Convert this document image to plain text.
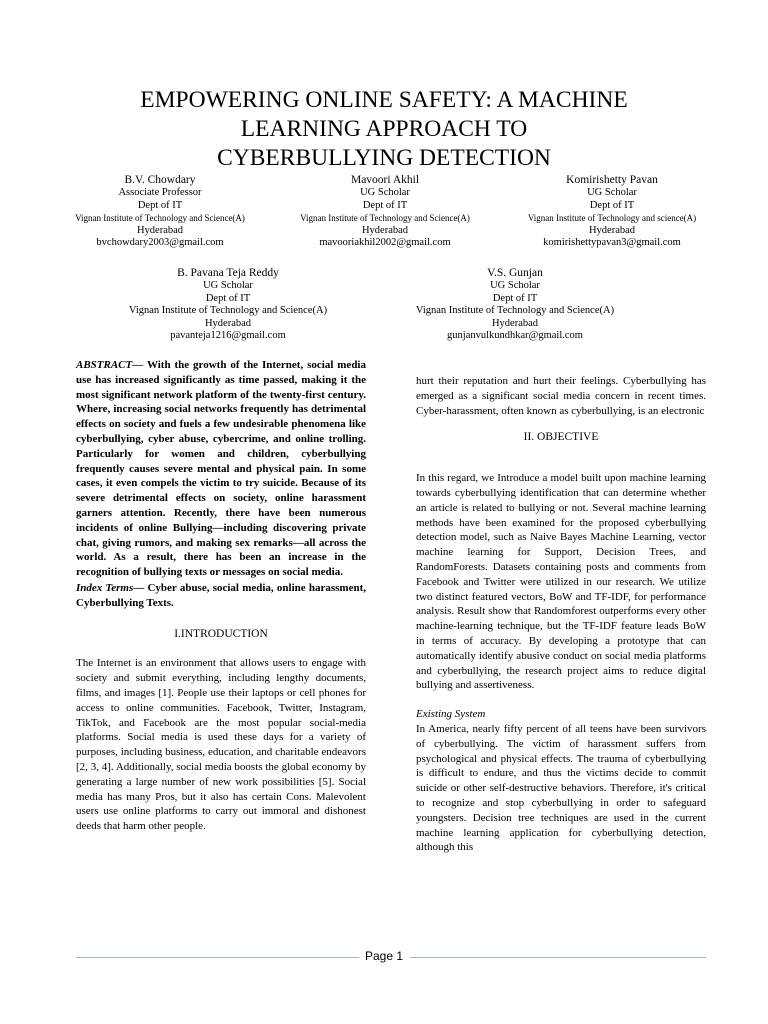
EMPOWERING ONLINE SAFETY: A MACHINE
LEARNING APPROACH TO
CYBERBULLYING DETECTION
B.V. Chowdary
Associate Professor
Dept of IT
Vignan Institute of Technology and Science(A)
Hyderabad
bvchowdary2003@gmail.com
Mavoori Akhil
UG Scholar
Dept of IT
Vignan Institute of Technology and Science(A)
Hyderabad
mavooriakhil2002@gmail.com
Komirishetty Pavan
UG Scholar
Dept of IT
Vignan Institute of Technology and science(A)
Hyderabad
komirishettypavan3@gmail.com
B. Pavana Teja Reddy
UG Scholar
Dept of IT
Vignan Institute of Technology and Science(A)
Hyderabad
pavanteja1216@gmail.com
V.S. Gunjan
UG Scholar
Dept of IT
Vignan Institute of Technology and Science(A)
Hyderabad
gunjanvulkundhkar@gmail.com

ABSTRACT— With the growth of the Internet, social media use has increased significantly as time passed, making it the most significant network platform of the twenty-first century. Where, increasing social networks frequently has detrimental effects on society and fuels a few undesirable phenomena like cyberbullying, cyber abuse, cybercrime, and online trolling. Particularly for women and children, cyberbullying frequently causes severe mental and physical pain. In some cases, it even compels the victim to try suicide. Because of its severe detrimental effects on society, online harassment garners attention. Recently, there have been numerous incidents of online Bullying—including discovering private chat, giving rumors, and making sex remarks—all across the world. As a result, there has been an increase in the recognition of bullying texts or messages on social media.

Index Terms— Cyber abuse, social media, online harassment, Cyberbullying Texts.

I.INTRODUCTION

The Internet is an environment that allows users to engage with society and submit everything, including lengthy documents, films, and images [1]. People use their laptops or cell phones for access to online communities. Facebook, Twitter, Instagram, TikTok, and Facebook are the most popular social-media platforms. Social media is used these days for a variety of purposes, including business, education, and charitable endeavors [2, 3, 4]. Additionally, social media boosts the global economy by generating a large number of new work possibilities [5]. Social media has many Pros, but it also has certain Cons. Malevolent users use online platforms to carry out immoral and dishonest deeds that harm other people.

hurt their reputation and hurt their feelings. Cyberbullying has emerged as a significant social media concern in recent times. Cyber-harassment, often known as cyberbullying, is an electronic

II. OBJECTIVE

In this regard, we Introduce a model built upon machine learning towards cyberbullying identification that can determine whether an article is related to bullying or not. Several machine learning methods have been examined for the proposed cyberbullying detection model, such as Naive Bayes Machine Learning, vector machine learning for Support, Decision Trees, and RandomForests. Datasets containing posts and comments from Facebook and Twitter were utilized in our research. We utilize two distinct featured vectors, BoW and TF-IDF, for performance analysis. Result show that Randomforest outperforms every other machine-learning technique, but the TF-IDF feature leads BoW in terms of accuracy. By developing a prototype that can automatically identify abusive conduct on social media platforms and cyberbullying, the research project aims to reduce digital bullying and assertiveness.

Existing System

In America, nearly fifty percent of all teens have been survivors of cyberbullying. The victim of harassment suffers from psychological and physical effects. The trauma of cyberbullying is difficult to endure, and thus the victims decide to commit suicide or other self-destructive behaviors. Therefore, it's critical to recognize and stop cyberbullying in order to safeguard youngsters. Decision tree techniques are used in the current machine learning application for cyberbullying detection, although this

Page 1
